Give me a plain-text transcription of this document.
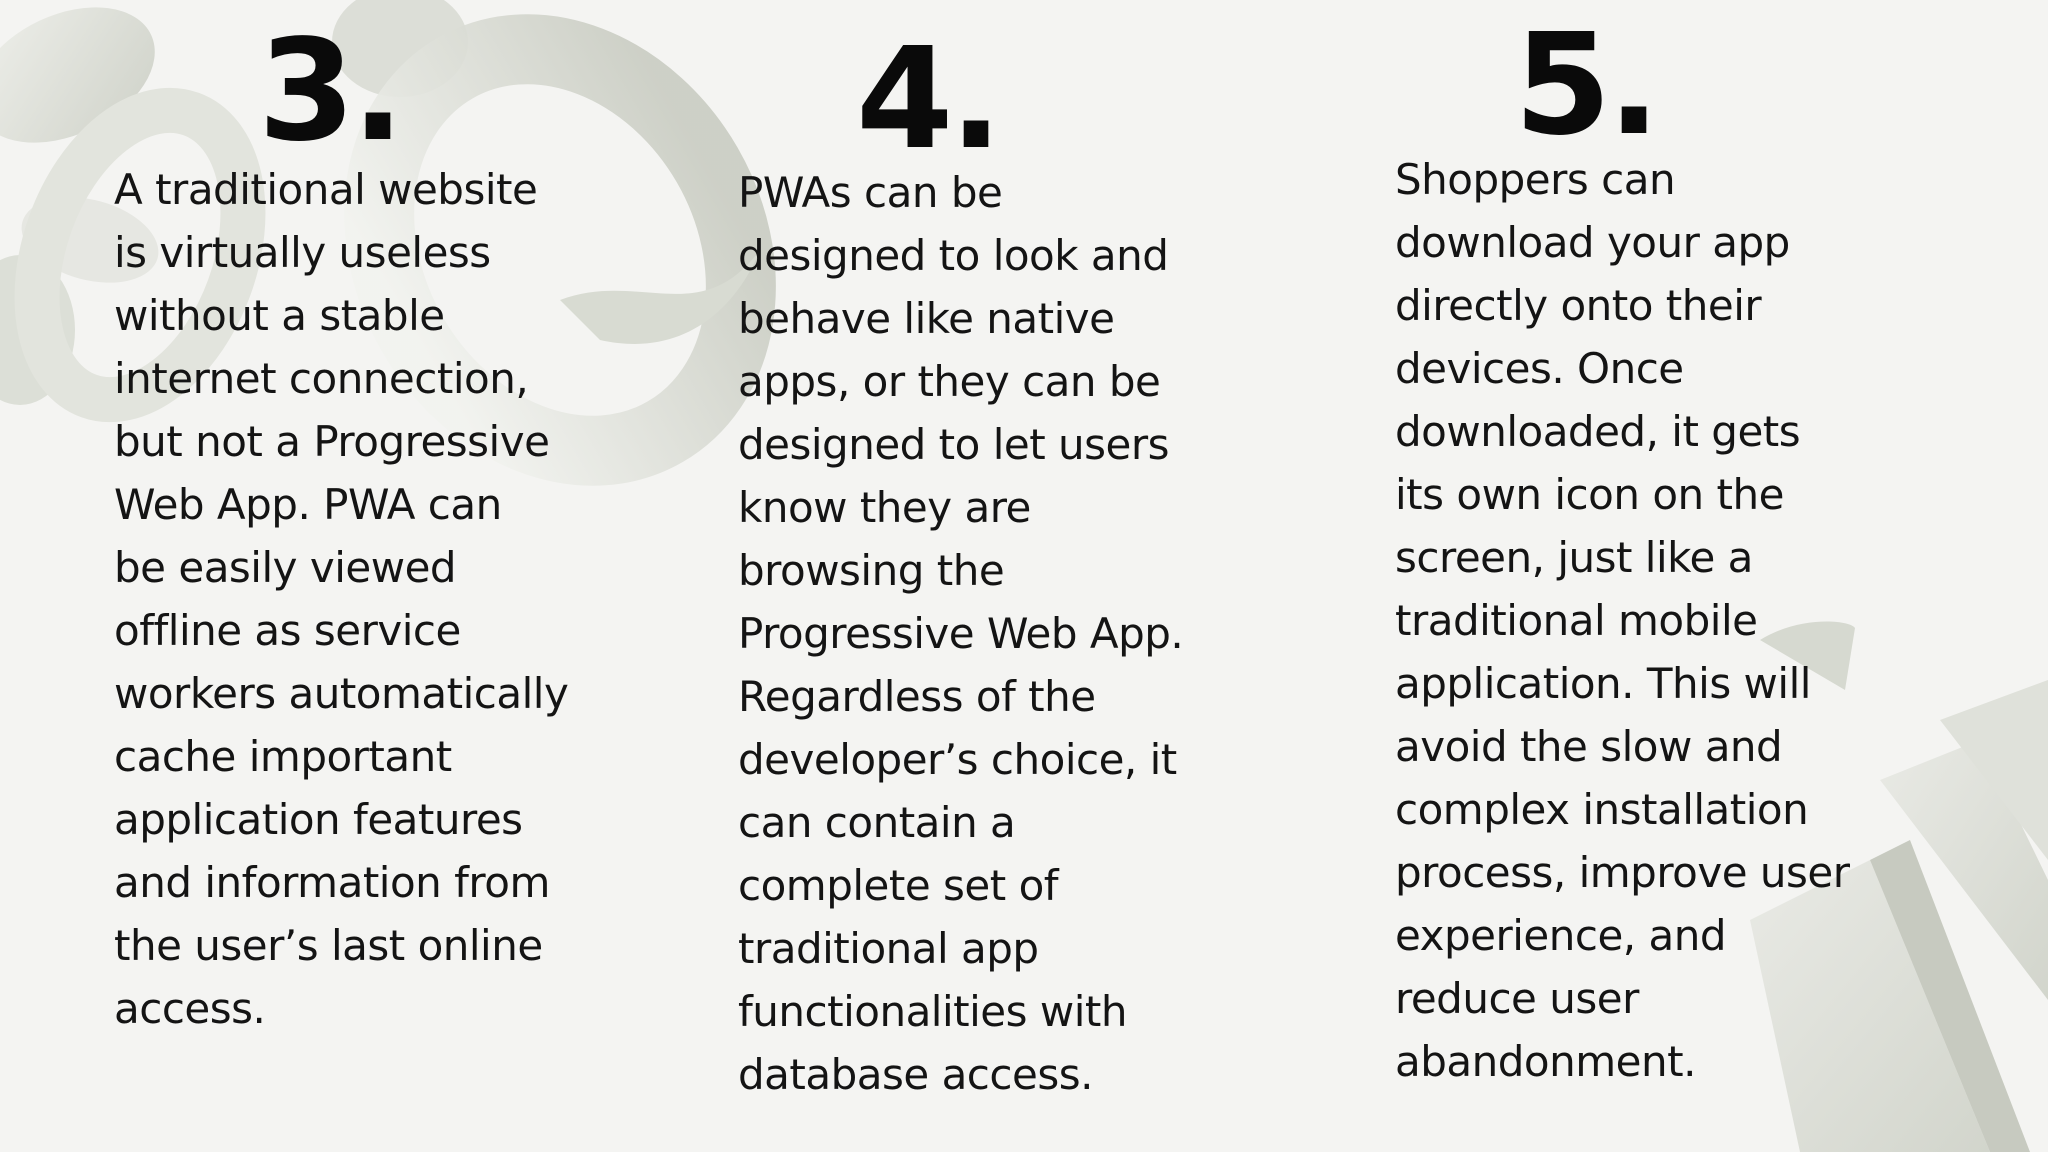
3.

A traditional website
is virtually useless
without a stable
internet connection,
but not a Progressive
Web App. PWA can
be easily viewed
offline as service
workers automatically
cache important
application features
and information from
the user’s last online
access.

4.

PWAs can be
designed to look and
behave like native
apps, or they can be
designed to let users
know they are
browsing the
Progressive Web App.
Regardless of the
developer’s choice, it
can contain a
complete set of
traditional app
functionalities with
database access.

5.

Shoppers can
download your app
directly onto their
devices. Once
downloaded, it gets
its own icon on the
screen, just like a
traditional mobile
application. This will
avoid the slow and
complex installation
process, improve user
experience, and
reduce user
abandonment.
